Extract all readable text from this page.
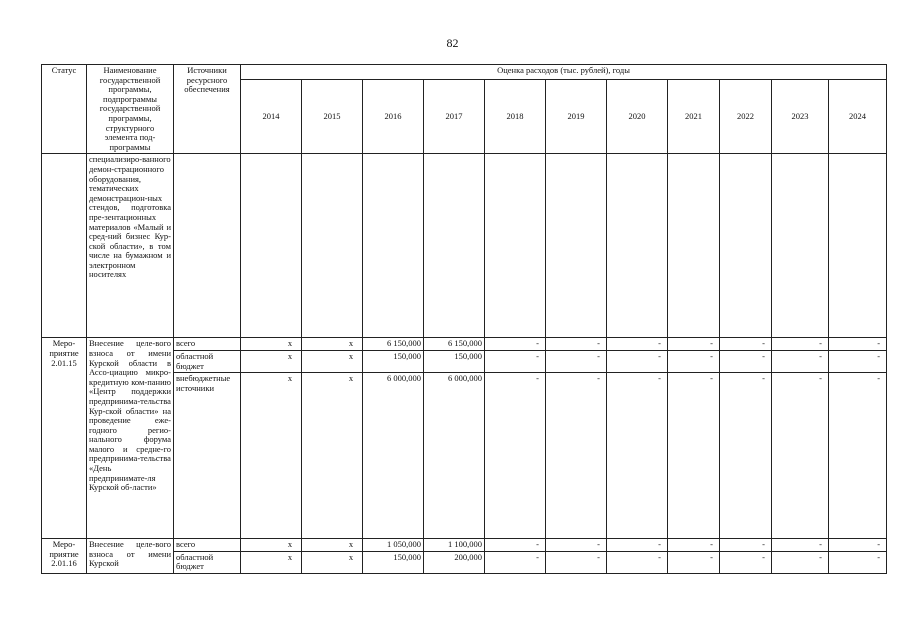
82
Статус	Наименование государственной программы, подпрограммы государственной программы, структурного элемента под-программы	Источники ресурсного обеспечения	Оценка расходов (тыс. рублей), годы										
			2014	2015	2016	2017	2018	2019	2020	2021	2022	2023	2024
	специализиро-ванного демон-страционного оборудования, тематических демонстрацион-ных стендов, подготовка пре-зентационных материалов «Малый и сред-ний бизнес Кур-ской области», в том числе на бумажном и электронном носителях												
Меро-приятие 2.01.15	Внесение целе-вого взноса от имени Курской области в Ассо-циацию микро-кредитную ком-панию «Центр поддержки предпринима-тельства Кур-ской области» на проведение еже-годного регио-нального форума малого и средне-го предпринима-тельства «День предпринимате-ля Курской об-ласти»	всего	x	x	6 150,000	6 150,000	-	-	-	-	-	-	-
		областной бюджет	x	x	150,000	150,000	-	-	-	-	-	-	-
		внебюджетные источники	x	x	6 000,000	6 000,000	-	-	-	-	-	-	-
Меро-приятие 2.01.16	Внесение целе-вого взноса от имени Курской	всего	x	x	1 050,000	1 100,000	-	-	-	-	-	-	-
		областной бюджет	x	x	150,000	200,000	-	-	-	-	-	-	-
